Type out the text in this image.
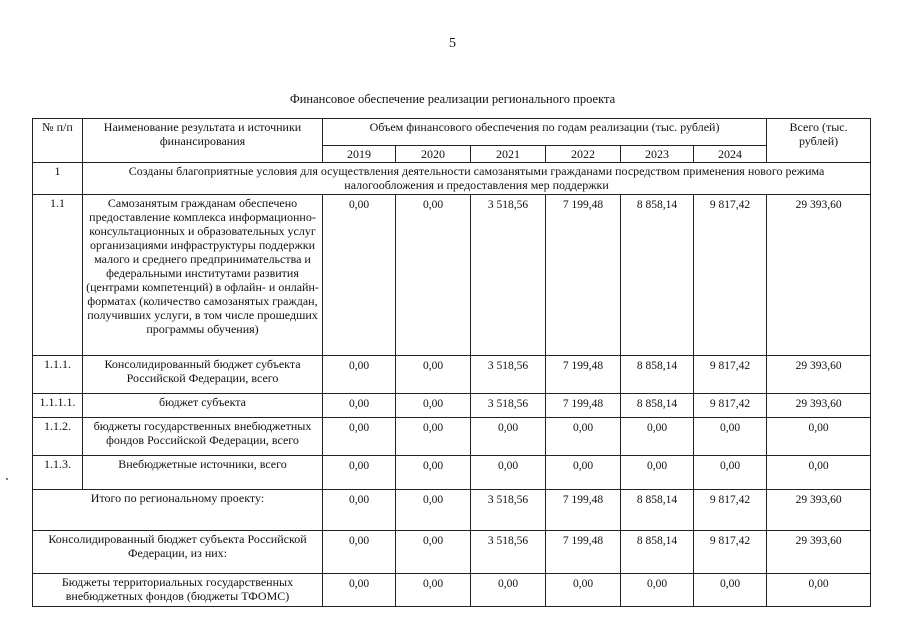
5
Финансовое обеспечение реализации регионального проекта
№ п/п	Наименование результата и источники финансирования	Объем финансового обеспечения по годам реализации (тыс. рублей)						Всего (тыс. рублей)
		2019	2020	2021	2022	2023	2024	
1	Созданы благоприятные условия для осуществления деятельности самозанятыми гражданами посредством применения нового режима налогообложения и предоставления мер поддержки							
1.1	Самозанятым гражданам обеспечено предоставление комплекса информационно-консультационных и образовательных услуг организациями инфраструктуры поддержки малого и среднего предпринимательства и федеральными институтами развития (центрами компетенций) в офлайн- и онлайн-форматах (количество самозанятых граждан, получивших услуги, в том числе прошедших программы обучения)	0,00	0,00	3 518,56	7 199,48	8 858,14	9 817,42	29 393,60
1.1.1.	Консолидированный бюджет субъекта Российской Федерации, всего	0,00	0,00	3 518,56	7 199,48	8 858,14	9 817,42	29 393,60
1.1.1.1.	бюджет субъекта	0,00	0,00	3 518,56	7 199,48	8 858,14	9 817,42	29 393,60
1.1.2.	бюджеты государственных внебюджетных фондов Российской Федерации, всего	0,00	0,00	0,00	0,00	0,00	0,00	0,00
1.1.3.	Внебюджетные источники, всего	0,00	0,00	0,00	0,00	0,00	0,00	0,00
Итого по региональному проекту:		0,00	0,00	3 518,56	7 199,48	8 858,14	9 817,42	29 393,60
Консолидированный бюджет субъекта Российской Федерации, из них:		0,00	0,00	3 518,56	7 199,48	8 858,14	9 817,42	29 393,60
Бюджеты территориальных государственных внебюджетных фондов (бюджеты ТФОМС)		0,00	0,00	0,00	0,00	0,00	0,00	0,00
